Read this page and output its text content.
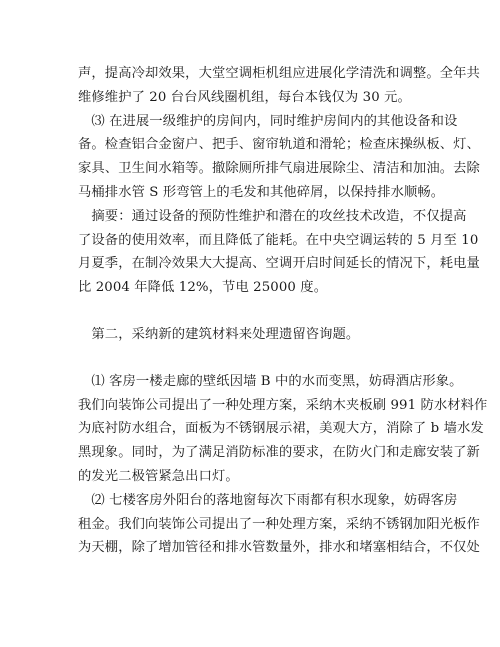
声，提高冷却效果，大堂空调柜机组应进展化学清洗和调整。全年共
维修维护了 20 台台风线圈机组，每台本钱仅为 30 元。
　⑶ 在进展一级维护的房间内，同时维护房间内的其他设备和设
备。检查铝合金窗户、把手、窗帘轨道和滑轮；检查床操纵板、灯、
家具、卫生间水箱等。撤除厕所排气扇进展除尘、清洁和加油。去除
马桶排水管 S 形弯管上的毛发和其他碎屑，以保持排水顺畅。
　摘要：通过设备的预防性维护和潜在的攻丝技术改造，不仅提高
了设备的使用效率，而且降低了能耗。在中央空调运转的 5 月至 10
月夏季，在制冷效果大大提高、空调开启时间延长的情况下，耗电量
比 2004 年降低 12%，节电 25000 度。
　第二，采纳新的建筑材料来处理遗留咨询题。
　⑴ 客房一楼走廊的壁纸因墙 B 中的水而变黑，妨碍酒店形象。
我们向装饰公司提出了一种处理方案，采纳木夹板刷 991 防水材料作
为底衬防水组合，面板为不锈钢展示裙，美观大方，消除了 b 墙水发
黑现象。同时，为了满足消防标准的要求，在防火门和走廊安装了新
的发光二极管紧急出口灯。
　⑵ 七楼客房外阳台的落地窗每次下雨都有积水现象，妨碍客房
租金。我们向装饰公司提出了一种处理方案，采纳不锈钢加阳光板作
为天棚，除了增加管径和排水管数量外，排水和堵塞相结合，不仅处
